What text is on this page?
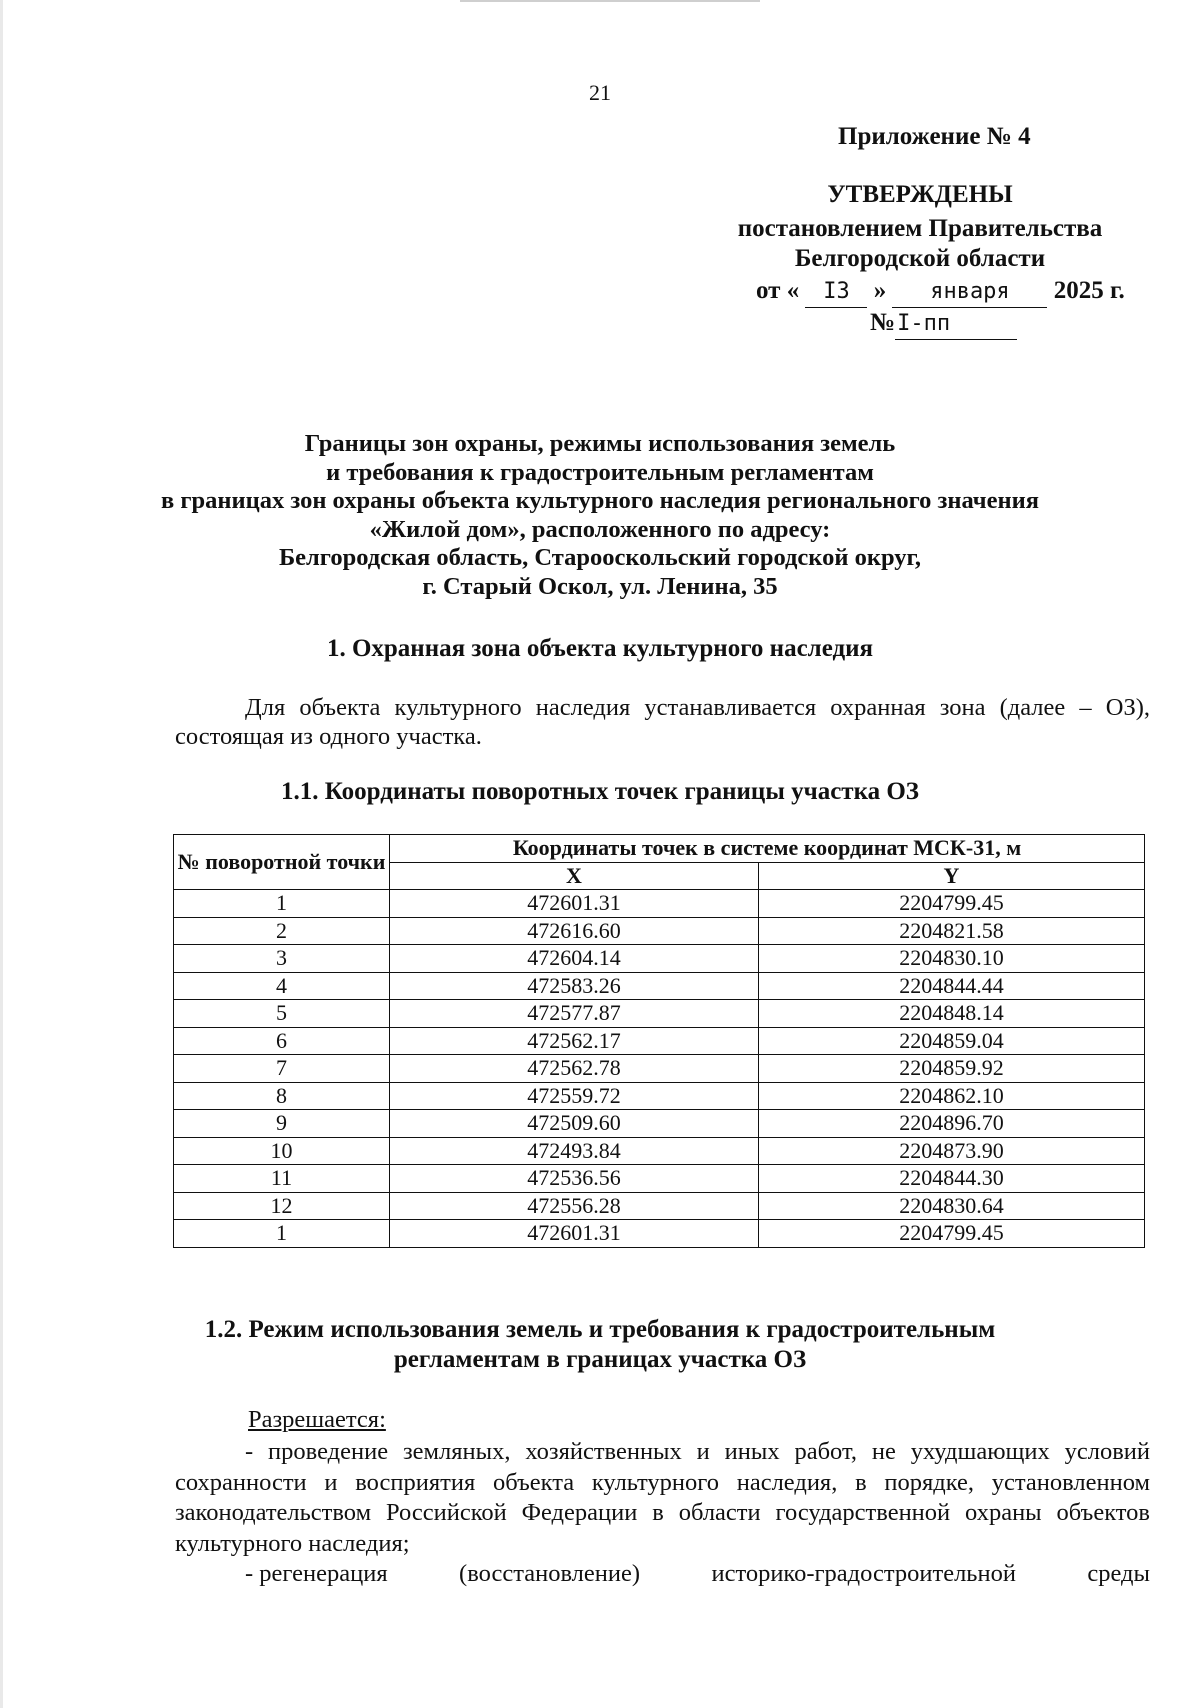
21
Приложение № 4
УТВЕРЖДЕНЫ
постановлением Правительства
Белгородской области
от « I3 » января 2025 г.
№I-пп
Границы зон охраны, режимы использования земель
и требования к градостроительным регламентам
в границах зон охраны объекта культурного наследия регионального значения
«Жилой дом», расположенного по адресу:
Белгородская область, Старооскольский городской округ,
г. Старый Оскол, ул. Ленина, 35
1. Охранная зона объекта культурного наследия
Для объекта культурного наследия устанавливается охранная зона (далее – ОЗ), состоящая из одного участка.
1.1. Координаты поворотных точек границы участка ОЗ
№ поворотной точки	Координаты точек в системе координат МСК-31, м	
	X	Y
1	472601.31	2204799.45
2	472616.60	2204821.58
3	472604.14	2204830.10
4	472583.26	2204844.44
5	472577.87	2204848.14
6	472562.17	2204859.04
7	472562.78	2204859.92
8	472559.72	2204862.10
9	472509.60	2204896.70
10	472493.84	2204873.90
11	472536.56	2204844.30
12	472556.28	2204830.64
1	472601.31	2204799.45
1.2. Режим использования земель и требования к градостроительным
регламентам в границах участка ОЗ
Разрешается:
- проведение земляных, хозяйственных и иных работ, не ухудшающих условий сохранности и восприятия объекта культурного наследия, в порядке, установленном законодательством Российской Федерации в области государственной охраны объектов культурного наследия;
- регенерация	(восстановление)	историко-градостроительной	среды
